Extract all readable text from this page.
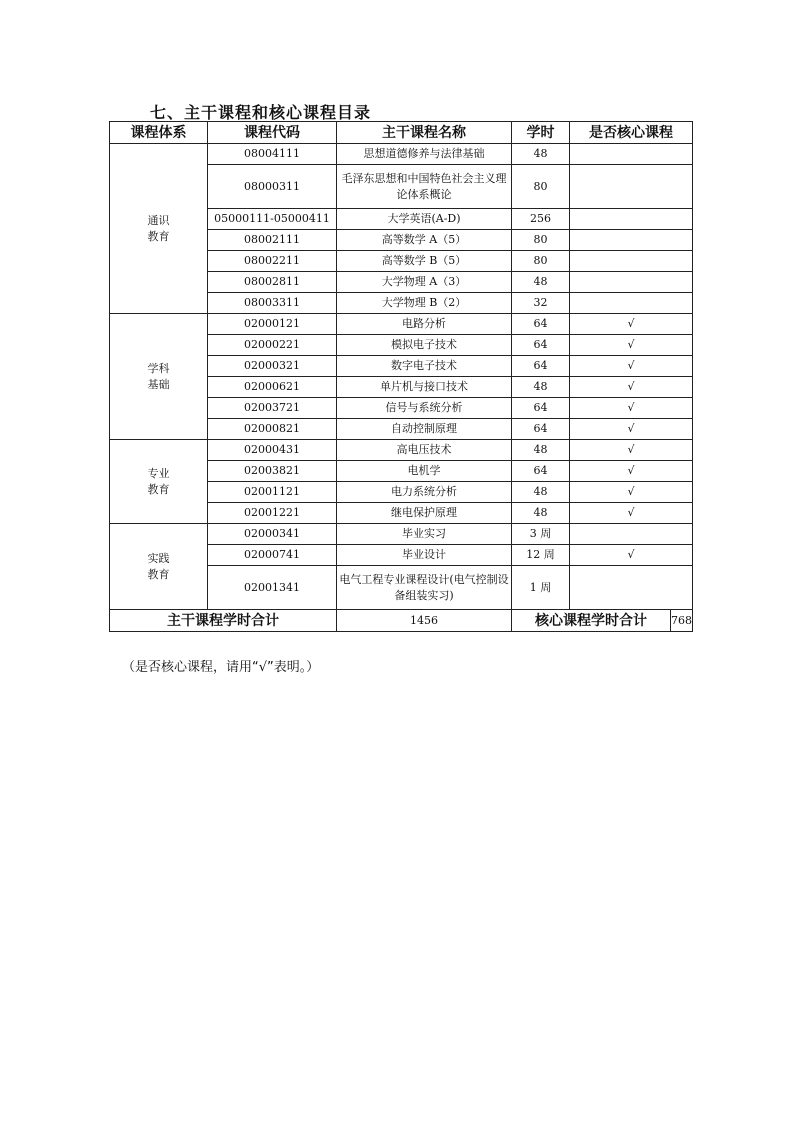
七、主干课程和核心课程目录
课程体系	课程代码	主干课程名称	学时	是否核心课程

通识
教育	08004111	思想道德修养与法律基础	48	
	08000311	毛泽东思想和中国特色社会主义理论体系概论	80	
	05000111-05000411	大学英语(A-D)	256	
	08002111	高等数学 A（5）	80	
	08002211	高等数学 B（5）	80	
	08002811	大学物理 A（3）	48	
	08003311	大学物理 B（2）	32	

学科
基础	02000121	电路分析	64	√
	02000221	模拟电子技术	64	√
	02000321	数字电子技术	64	√
	02000621	单片机与接口技术	48	√
	02003721	信号与系统分析	64	√
	02000821	自动控制原理	64	√

专业
教育	02000431	高电压技术	48	√
	02003821	电机学	64	√
	02001121	电力系统分析	48	√
	02001221	继电保护原理	48	√

实践
教育	02000341	毕业实习	3 周	
	02000741	毕业设计	12 周	√
	02001341	电气工程专业课程设计(电气控制设备组装实习)	1 周	
主干课程学时合计		1456	核心课程学时合计 768	
（是否核心课程，请用“√”表明。）
